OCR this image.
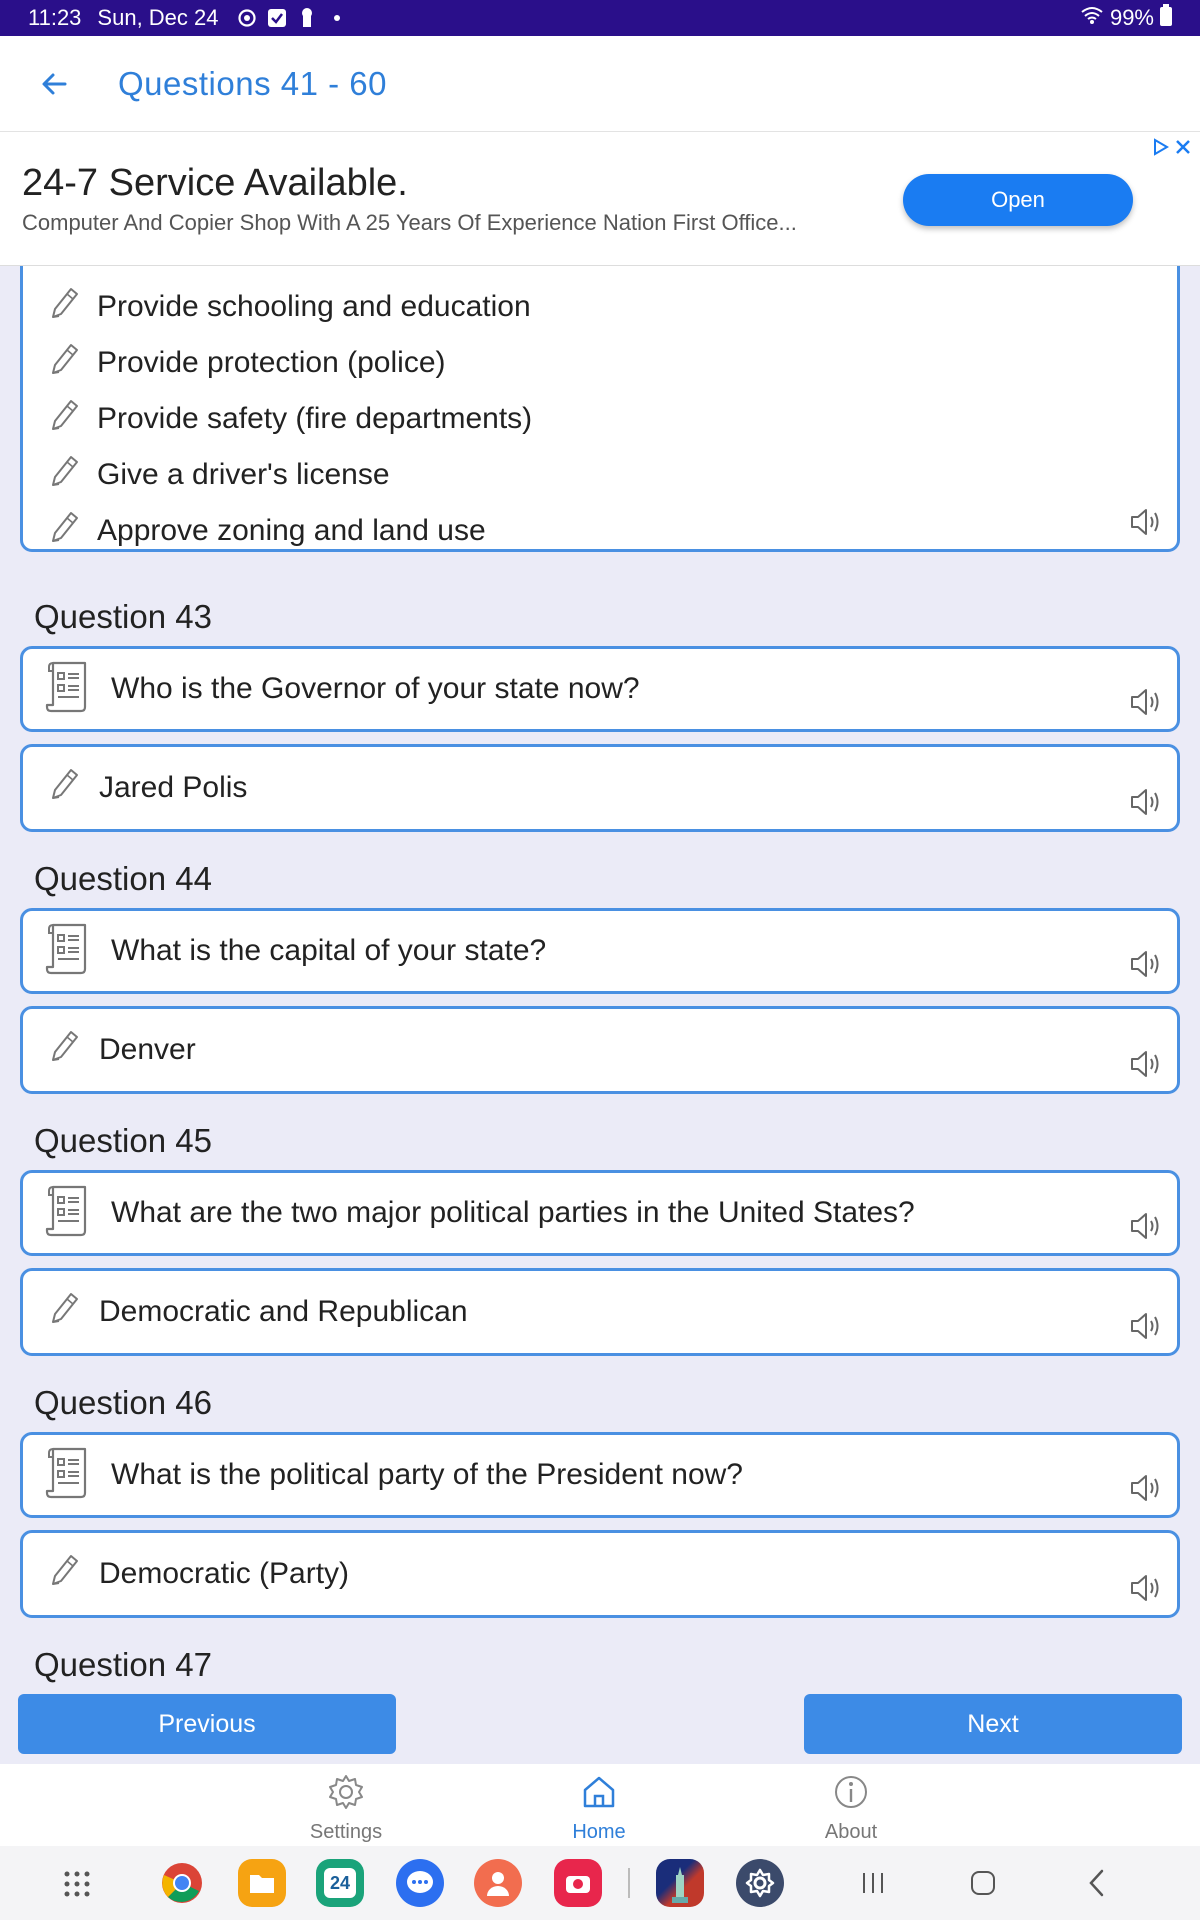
11:23 Sun, Dec 24	99%
Questions 41 - 60
24-7 Service Available.
Computer And Copier Shop With A 25 Years Of Experience Nation First Office...
Open
Provide schooling and education
Provide protection (police)
Provide safety (fire departments)
Give a driver's license
Approve zoning and land use
Question 43
Who is the Governor of your state now?
Jared Polis
Question 44
What is the capital of your state?
Denver
Question 45
What are the two major political parties in the United States?
Democratic and Republican
Question 46
What is the political party of the President now?
Democratic (Party)
Question 47
Previous	Next
Settings	Home	About
24
